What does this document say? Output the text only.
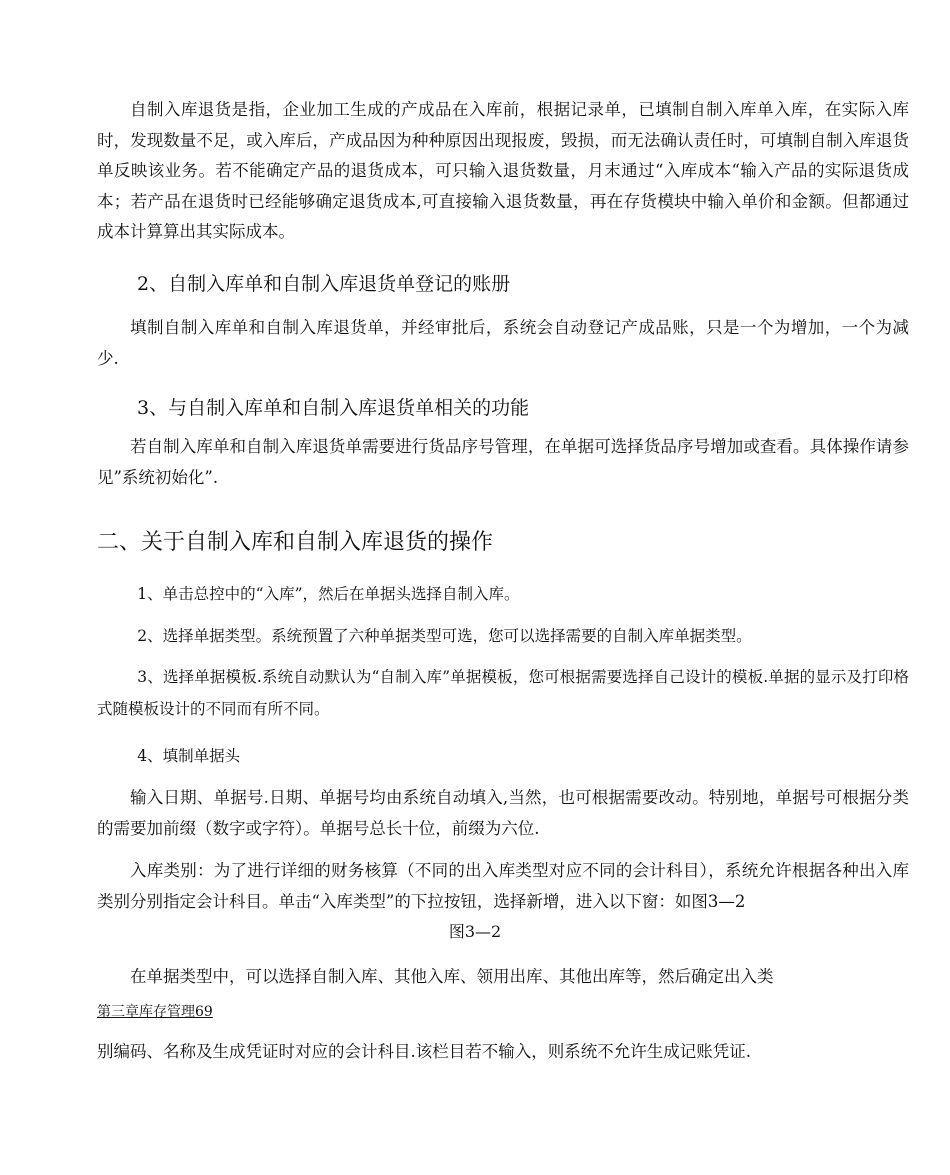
自制入库退货是指，企业加工生成的产成品在入库前，根据记录单，已填制自制入库单入库，在实际入库时，发现数量不足，或入库后，产成品因为种种原因出现报废，毁损，而无法确认责任时，可填制自制入库退货单反映该业务。若不能确定产品的退货成本，可只输入退货数量，月末通过“入库成本“输入产品的实际退货成本；若产品在退货时已经能够确定退货成本,可直接输入退货数量，再在存货模块中输入单价和金额。但都通过成本计算算出其实际成本。

2、自制入库单和自制入库退货单登记的账册

填制自制入库单和自制入库退货单，并经审批后，系统会自动登记产成品账，只是一个为增加，一个为减少.

3、与自制入库单和自制入库退货单相关的功能

若自制入库单和自制入库退货单需要进行货品序号管理，在单据可选择货品序号增加或查看。具体操作请参见”系统初始化”.

二、关于自制入库和自制入库退货的操作

1、单击总控中的“入库”，然后在单据头选择自制入库。

2、选择单据类型。系统预置了六种单据类型可选，您可以选择需要的自制入库单据类型。

3、选择单据模板.系统自动默认为“自制入库”单据模板，您可根据需要选择自己设计的模板.单据的显示及打印格式随模板设计的不同而有所不同。

4、填制单据头

输入日期、单据号.日期、单据号均由系统自动填入,当然，也可根据需要改动。特别地，单据号可根据分类的需要加前缀（数字或字符）。单据号总长十位，前缀为六位.

入库类别：为了进行详细的财务核算（不同的出入库类型对应不同的会计科目），系统允许根据各种出入库类别分别指定会计科目。单击“入库类型”的下拉按钮，选择新增，进入以下窗：如图3—2

图3—2

在单据类型中，可以选择自制入库、其他入库、领用出库、其他出库等，然后确定出入类

第三章库存管理69

别编码、名称及生成凭证时对应的会计科目.该栏目若不输入，则系统不允许生成记账凭证.
